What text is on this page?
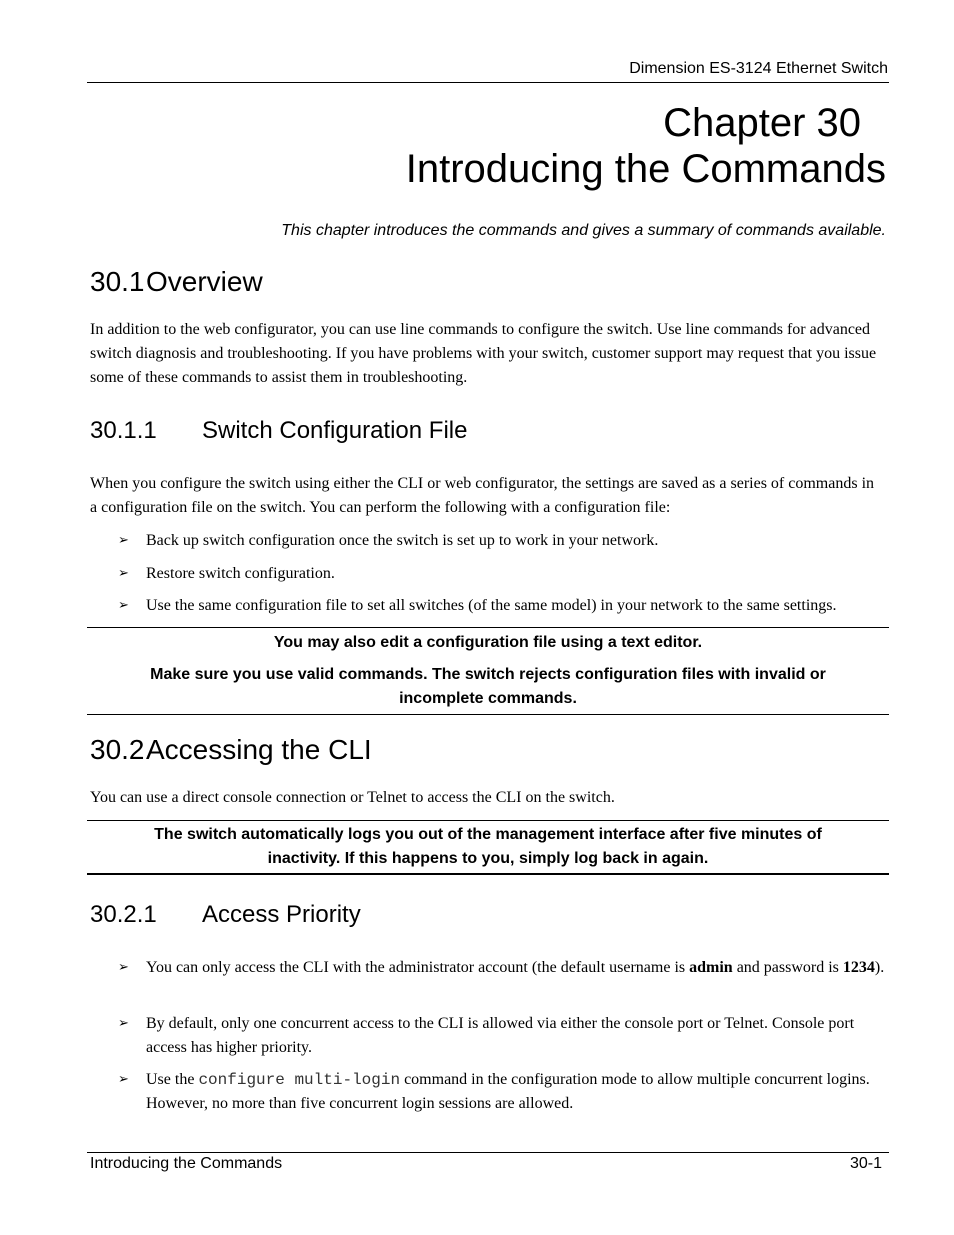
Dimension ES-3124 Ethernet Switch
Chapter 30
Introducing the Commands
This chapter introduces the commands and gives a summary of commands available.
30.1Overview

In addition to the web configurator, you can use line commands to configure the switch. Use line commands for advanced switch diagnosis and troubleshooting. If you have problems with your switch, customer support may request that you issue some of these commands to assist them in troubleshooting.

30.1.1 Switch Configuration File

When you configure the switch using either the CLI or web configurator, the settings are saved as a series of commands in a configuration file on the switch. You can perform the following with a configuration file:

➢ Back up switch configuration once the switch is set up to work in your network.

➢ Restore switch configuration.

➢ Use the same configuration file to set all switches (of the same model) in your network to the same settings.

You may also edit a configuration file using a text editor.

Make sure you use valid commands. The switch rejects configuration files with invalid or incomplete commands.

30.2Accessing the CLI

You can use a direct console connection or Telnet to access the CLI on the switch.

The switch automatically logs you out of the management interface after five minutes of inactivity. If this happens to you, simply log back in again.

30.2.1 Access Priority

➢ You can only access the CLI with the administrator account (the default username is admin and password is 1234).

➢ By default, only one concurrent access to the CLI is allowed via either the console port or Telnet. Console port access has higher priority.

➢ Use the configure multi-login command in the configuration mode to allow multiple concurrent logins. However, no more than five concurrent login sessions are allowed.

Introducing the Commands	30-1
